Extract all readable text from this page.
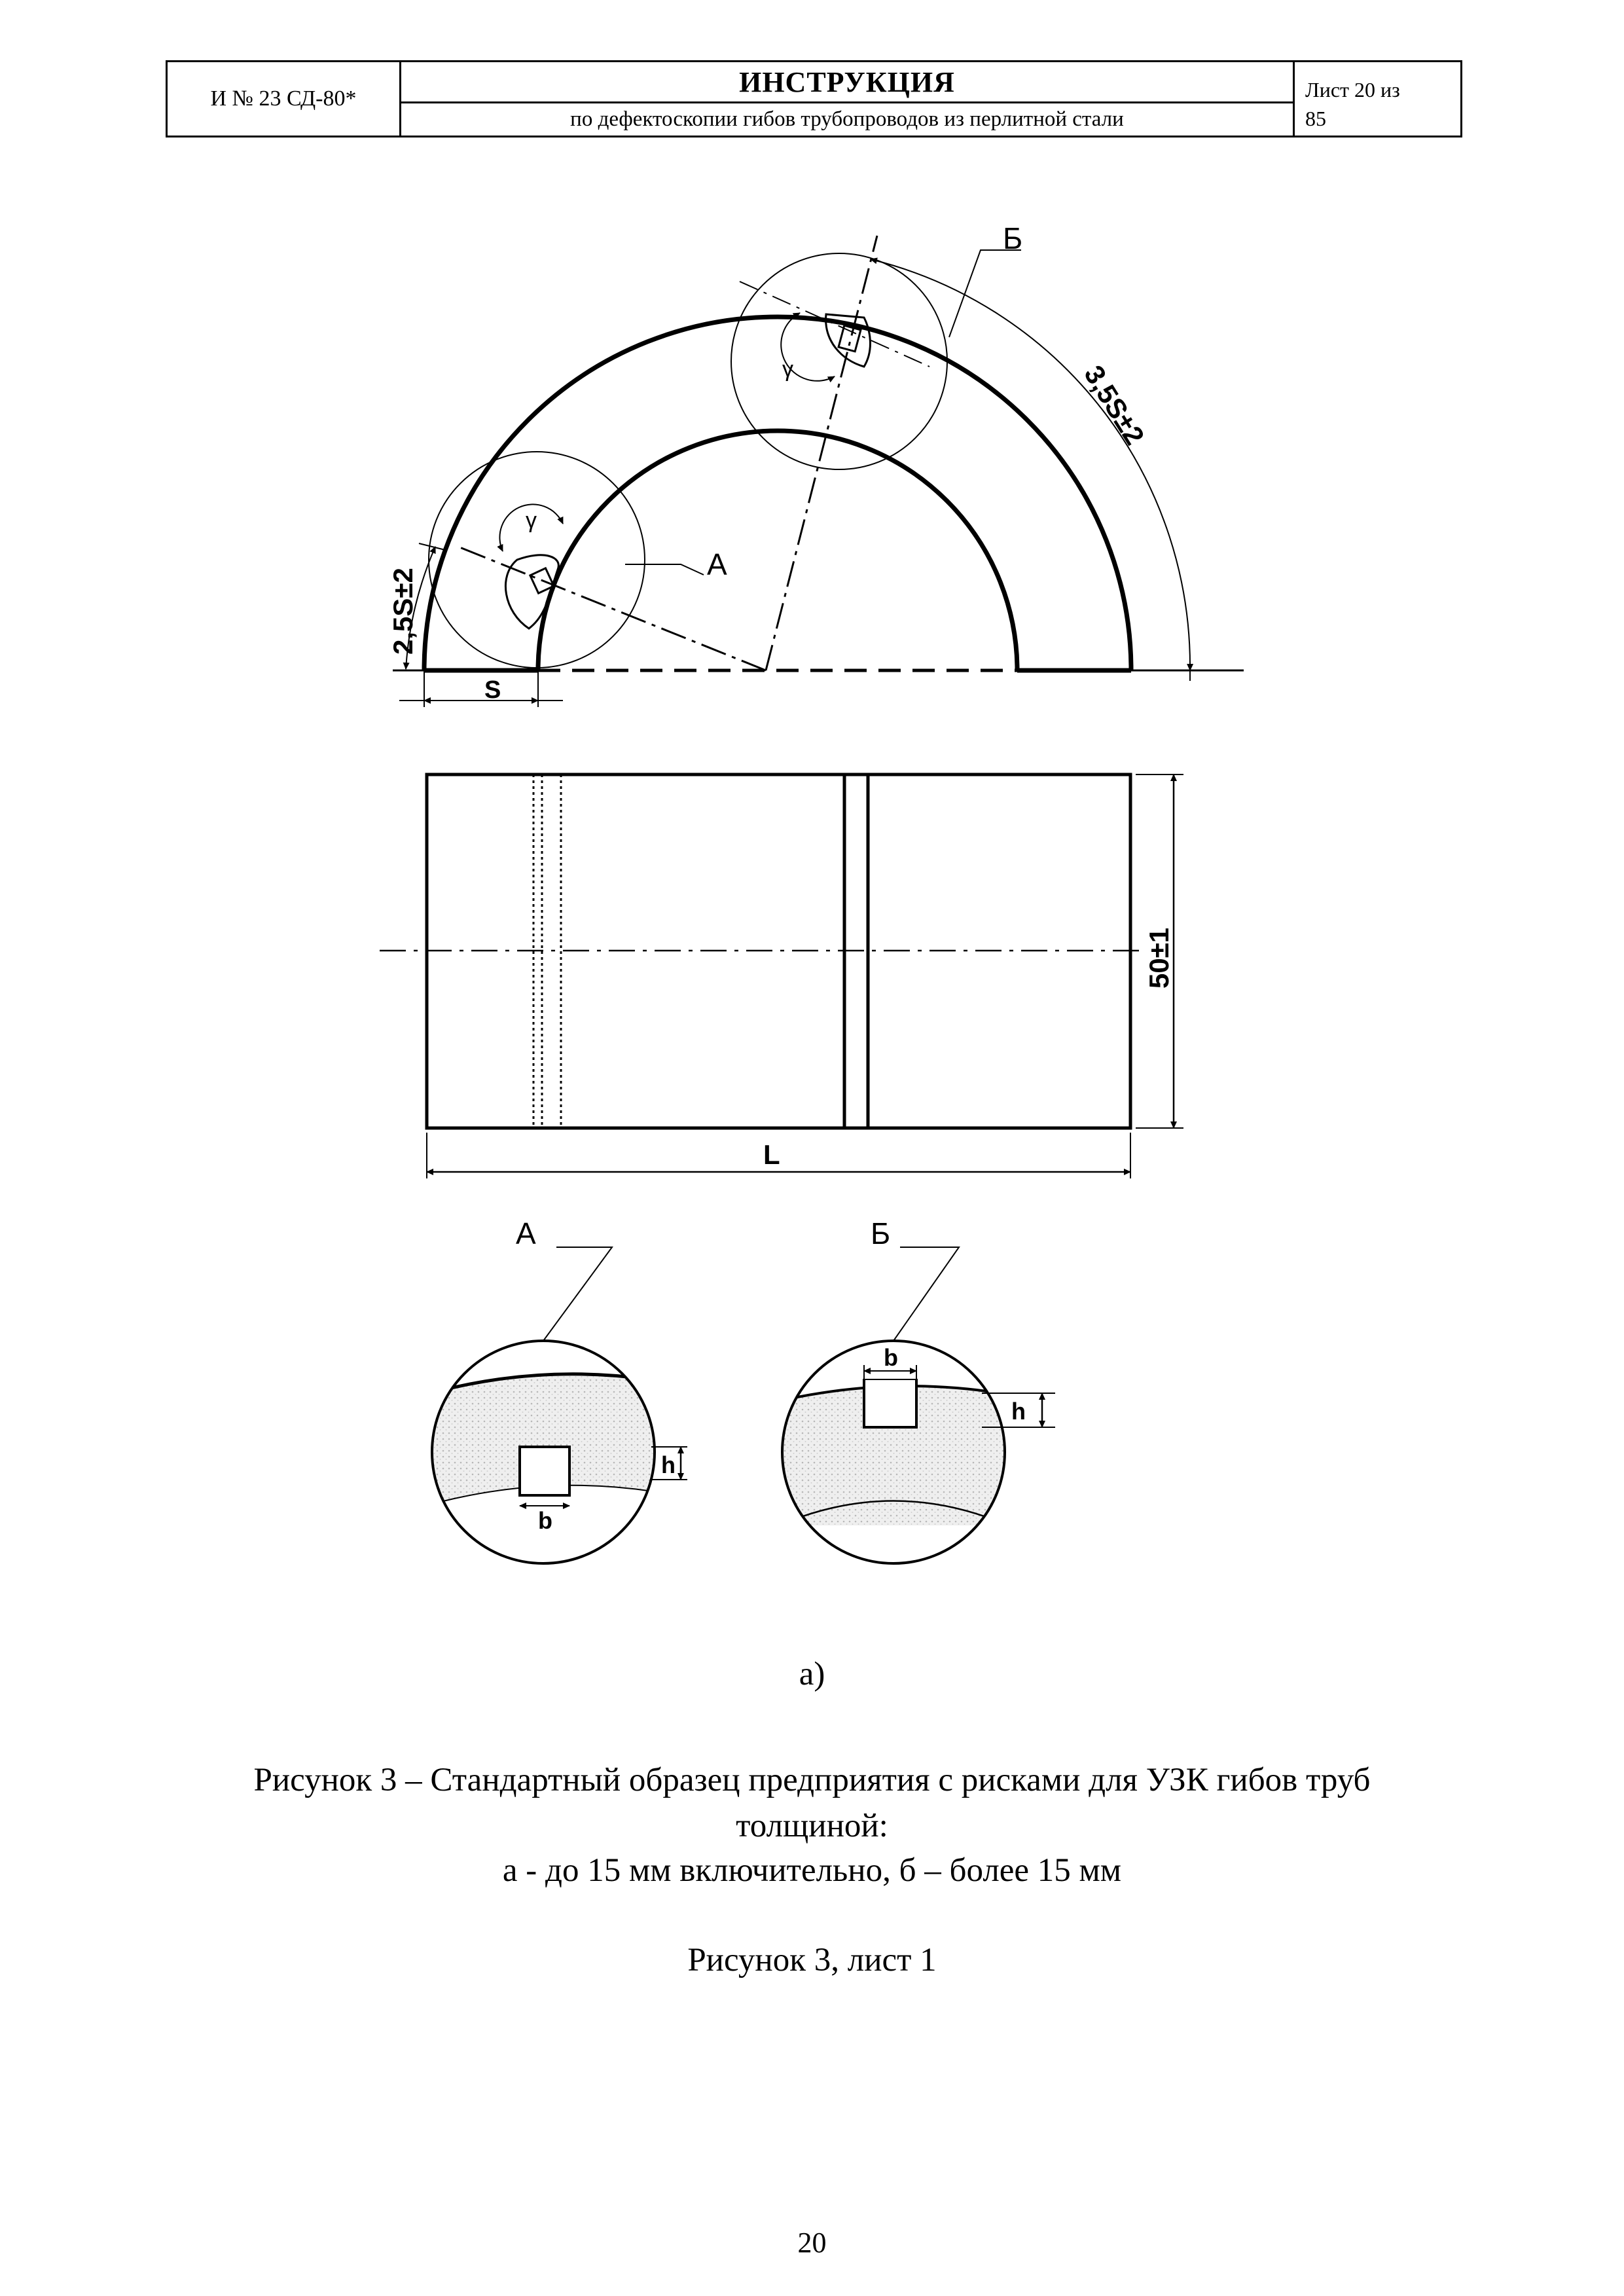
И № 23 СД-80*
ИНСТРУКЦИЯ
по дефектоскопии гибов трубопроводов из перлитной стали
Лист 20 из
85
Б
А
А	Б
γ
γ	3,5S±2
2,5S±2
S
50±1
L
b
h
b
h
а)
Рисунок 3 – Стандартный образец предприятия с рисками для УЗК гибов труб
толщиной:
а - до 15 мм включительно, б – более 15 мм
Рисунок 3, лист 1
20
